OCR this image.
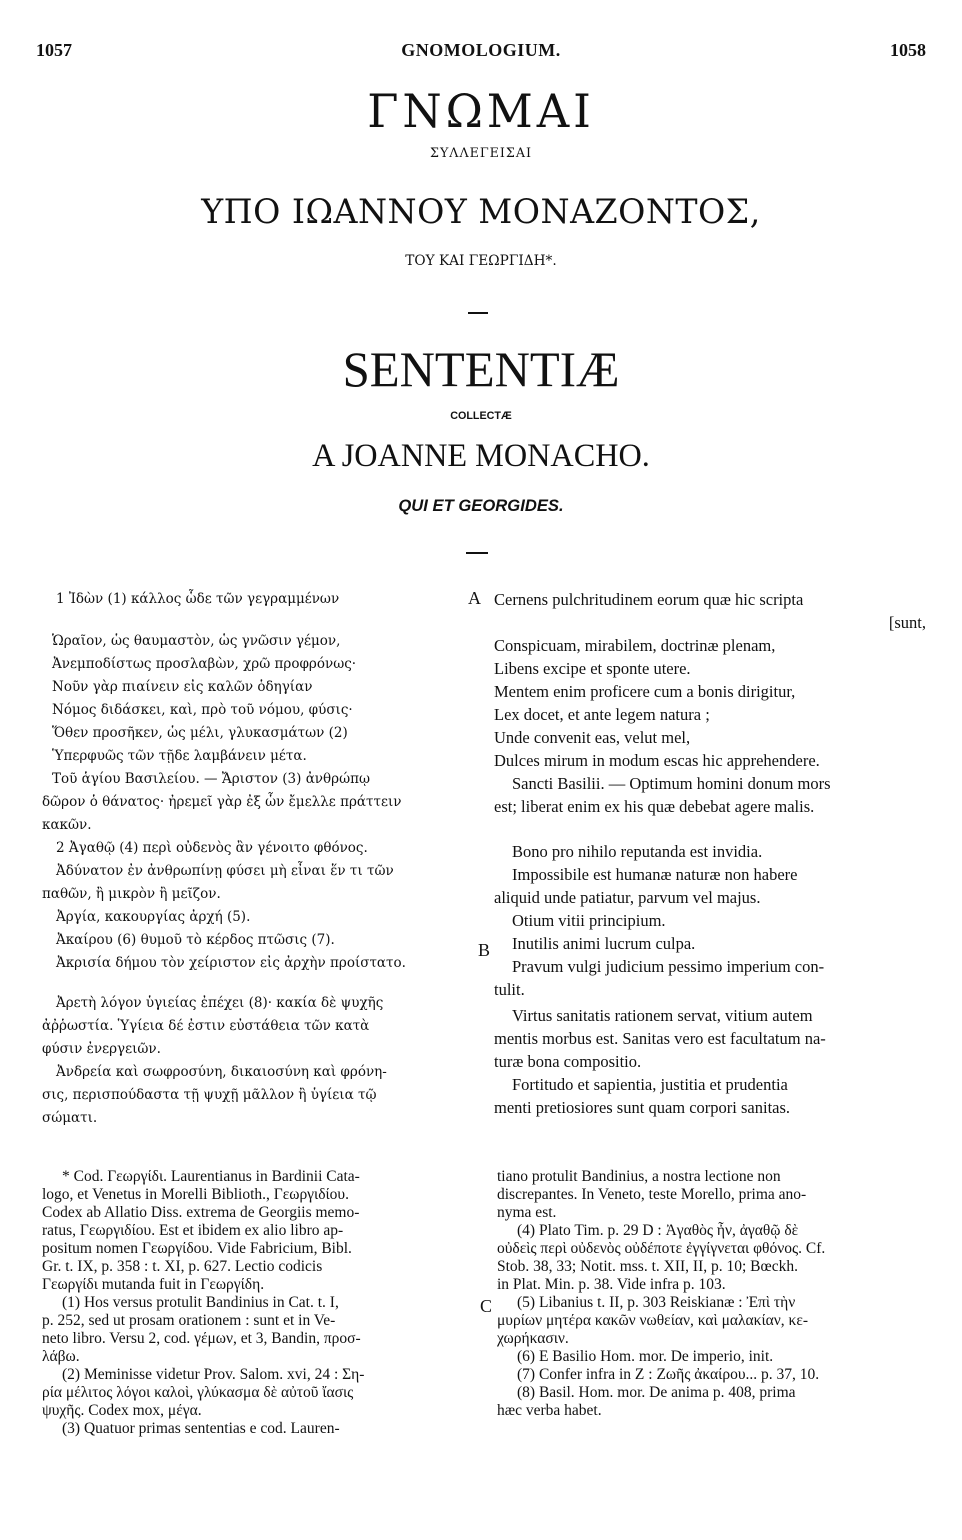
1057	GNOMOLOGIUM.	1058
ΓΝΩΜΑΙ
ΣΥΛΛΕΓΕΙΣΑΙ
ΥΠΟ ΙΩΑΝΝΟΥ ΜΟΝΑΖΟΝΤΟΣ,
ΤΟΥ ΚΑΙ ΓΕΩΡΓΙΔΗ*.
SENTENTIÆ
COLLECTÆ
A JOANNE MONACHO.
QUI ET GEORGIDES.
A
B
C
1 Ἰδὼν (1) κάλλος ὧδε τῶν γεγραμμένων
Ὡραῖον, ὡς θαυμαστὸν, ὡς γνῶσιν γέμον,
Ἀνεμποδίστως προσλαβὼν, χρῶ προφρόνως·
Νοῦν γὰρ πιαίνειν εἰς καλῶν ὁδηγίαν
Νόμος διδάσκει, καὶ, πρὸ τοῦ νόμου, φύσις·
Ὅθεν προσῆκεν, ὡς μέλι, γλυκασμάτων (2)
Ὑπερφυῶς τῶν τῇδε λαμβάνειν μέτα.
Τοῦ ἁγίου Βασιλείου. — Ἄριστον (3) ἀνθρώπῳ
δῶρον ὁ θάνατος· ἠρεμεῖ γὰρ ἐξ ὧν ἔμελλε πράττειν
κακῶν.
2 Ἀγαθῷ (4) περὶ οὐδενὸς ἂν γένοιτο φθόνος.
Ἀδύνατον ἐν ἀνθρωπίνῃ φύσει μὴ εἶναι ἕν τι τῶν
παθῶν, ἢ μικρὸν ἢ μεῖζον.
Ἀργία, κακουργίας ἀρχή (5).
Ἀκαίρου (6) θυμοῦ τὸ κέρδος πτῶσις (7).
Ἀκρισία δήμου τὸν χείριστον εἰς ἀρχὴν προίστατο.
Ἀρετὴ λόγον ὑγιείας ἐπέχει (8)· κακία δὲ ψυχῆς
ἀῤῥωστία. Ὑγίεια δέ ἐστιν εὐστάθεια τῶν κατὰ
φύσιν ἐνεργειῶν.
Ἀνδρεία καὶ σωφροσύνη, δικαιοσύνη καὶ φρόνη-
σις, περισπούδαστα τῇ ψυχῇ μᾶλλον ἢ ὑγίεια τῷ
σώματι.
Cernens pulchritudinem eorum quæ hic scripta
[sunt,
Conspicuam, mirabilem, doctrinæ plenam,
Libens excipe et sponte utere.
Mentem enim proficere cum a bonis dirigitur,
Lex docet, et ante legem natura ;
Unde convenit eas, velut mel,
Dulces mirum in modum escas hic apprehendere.
Sancti Basilii. — Optimum homini donum mors
est; liberat enim ex his quæ debebat agere malis.
Bono pro nihilo reputanda est invidia.
Impossibile est humanæ naturæ non habere
aliquid unde patiatur, parvum vel majus.
Otium vitii principium.
Inutilis animi lucrum culpa.
Pravum vulgi judicium pessimo imperium con-
tulit.
Virtus sanitatis rationem servat, vitium autem
mentis morbus est. Sanitas vero est facultatum na-
turæ bona compositio.
Fortitudo et sapientia, justitia et prudentia
menti pretiosiores sunt quam corpori sanitas.
* Cod. Γεωργίδι. Laurentianus in Bardinii Cata-
logo, et Venetus in Morelli Biblioth., Γεωργιδίου.
Codex ab Allatio Diss. extrema de Georgiis memo-
ratus, Γεωργιδίου. Est et ibidem ex alio libro ap-
positum nomen Γεωργίδου. Vide Fabricium, Bibl.
Gr. t. IX, p. 358 : t. XI, p. 627. Lectio codicis
Γεωργίδι mutanda fuit in Γεωργίδη.
(1) Hos versus protulit Bandinius in Cat. t. I,
p. 252, sed ut prosam orationem : sunt et in Ve-
neto libro. Versu 2, cod. γέμων, et 3, Bandin, προσ-
λάβω.
(2) Meminisse videtur Prov. Salom. xvi, 24 : Ση-
ρία μέλιτος λόγοι καλοὶ, γλύκασμα δὲ αὐτοῦ ἴασις
ψυχῆς. Codex mox, μέγα.
(3) Quatuor primas sententias e cod. Lauren-
tiano protulit Bandinius, a nostra lectione non
discrepantes. In Veneto, teste Morello, prima ano-
nyma est.
(4) Plato Tim. p. 29 D : Ἀγαθὸς ἦν, ἀγαθῷ δὲ
οὐδεὶς περὶ οὐδενὸς οὐδέποτε ἐγγίγνεται φθόνος. Cf.
Stob. 38, 33; Notit. mss. t. XII, II, p. 10; Bœckh.
in Plat. Min. p. 38. Vide infra p. 103.
(5) Libanius t. II, p. 303 Reiskianæ : Ἐπὶ τὴν
μυρίων μητέρα κακῶν νωθείαν, καὶ μαλακίαν, κε-
χωρήκασιν.
(6) E Basilio Hom. mor. De imperio, init.
(7) Confer infra in Z : Ζωῆς ἀκαίρου... p. 37, 10.
(8) Basil. Hom. mor. De anima p. 408, prima
hæc verba habet.
